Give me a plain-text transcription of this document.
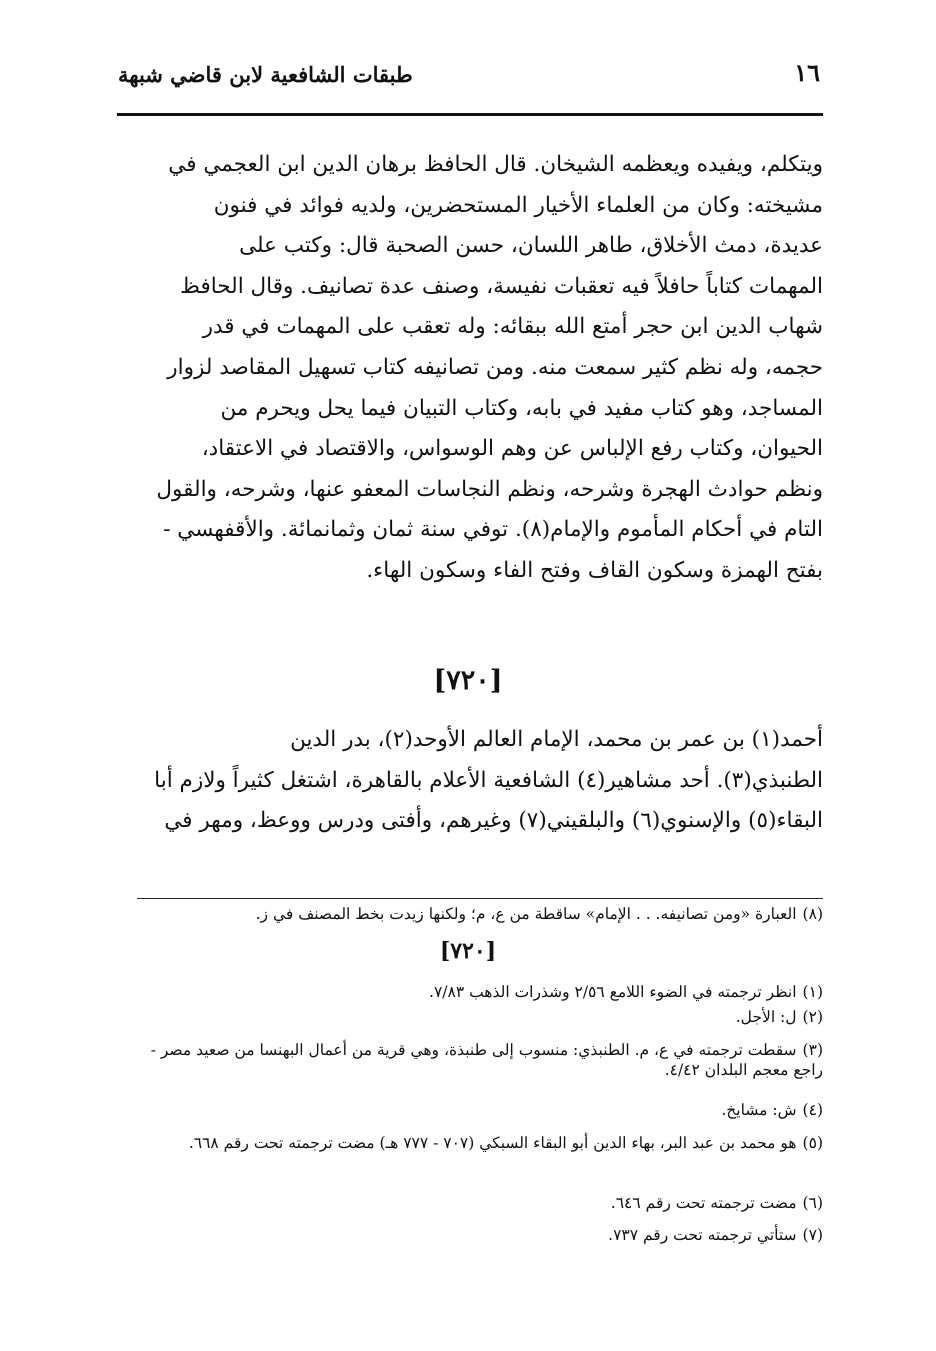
١٦
طبقات الشافعية لابن قاضي شبهة
ويتكلم، ويفيده ويعظمه الشيخان. قال الحافظ برهان الدين ابن العجمي في
مشيخته: وكان من العلماء الأخيار المستحضرين، ولديه فوائد في فنون
عديدة، دمث الأخلاق، طاهر اللسان، حسن الصحبة قال: وكتب على
المهمات كتاباً حافلاً فيه تعقبات نفيسة، وصنف عدة تصانيف. وقال الحافظ
شهاب الدين ابن حجر أمتع الله ببقائه: وله تعقب على المهمات في قدر
حجمه، وله نظم كثير سمعت منه. ومن تصانيفه كتاب تسهيل المقاصد لزوار
المساجد، وهو كتاب مفيد في بابه، وكتاب التبيان فيما يحل ويحرم من
الحيوان، وكتاب رفع الإلباس عن وهم الوسواس، والاقتصاد في الاعتقاد،
ونظم حوادث الهجرة وشرحه، ونظم النجاسات المعفو عنها، وشرحه، والقول
التام في أحكام المأموم والإمام(٨). توفي سنة ثمان وثمانمائة. والأقفهسي -
بفتح الهمزة وسكون القاف وفتح الفاء وسكون الهاء.
[٧٢٠]
أحمد(١) بن عمر بن محمد، الإمام العالم الأوحد(٢)، بدر الدين
الطنبذي(٣). أحد مشاهير(٤) الشافعية الأعلام بالقاهرة، اشتغل كثيراً ولازم أبا
البقاء(٥) والإسنوي(٦) والبلقيني(٧) وغيرهم، وأفتى ودرس ووعظ، ومهر في
(٨)العبارة «ومن تصانيفه. . . الإمام» ساقطة من ع، م؛ ولكنها زيدت بخط المصنف في ز.
[٧٢٠]
(١)انظر ترجمته في الضوء اللامع ٢/٥٦ وشذرات الذهب ٧/٨٣.
(٢)ل: الأجل.
(٣)سقطت ترجمته في ع، م. الطنبذي: منسوب إلى طنبذة، وهي قرية من أعمال البهنسا من صعيد مصر - راجع معجم البلدان ٤/٤٢.
(٤)ش: مشايخ.
(٥)هو محمد بن عبد البر، بهاء الدين أبو البقاء السبكي (٧٠٧ - ٧٧٧ هـ) مضت ترجمته تحت رقم ٦٦٨.
(٦)مضت ترجمته تحت رقم ٦٤٦.
(٧)ستأتي ترجمته تحت رقم ٧٣٧.
